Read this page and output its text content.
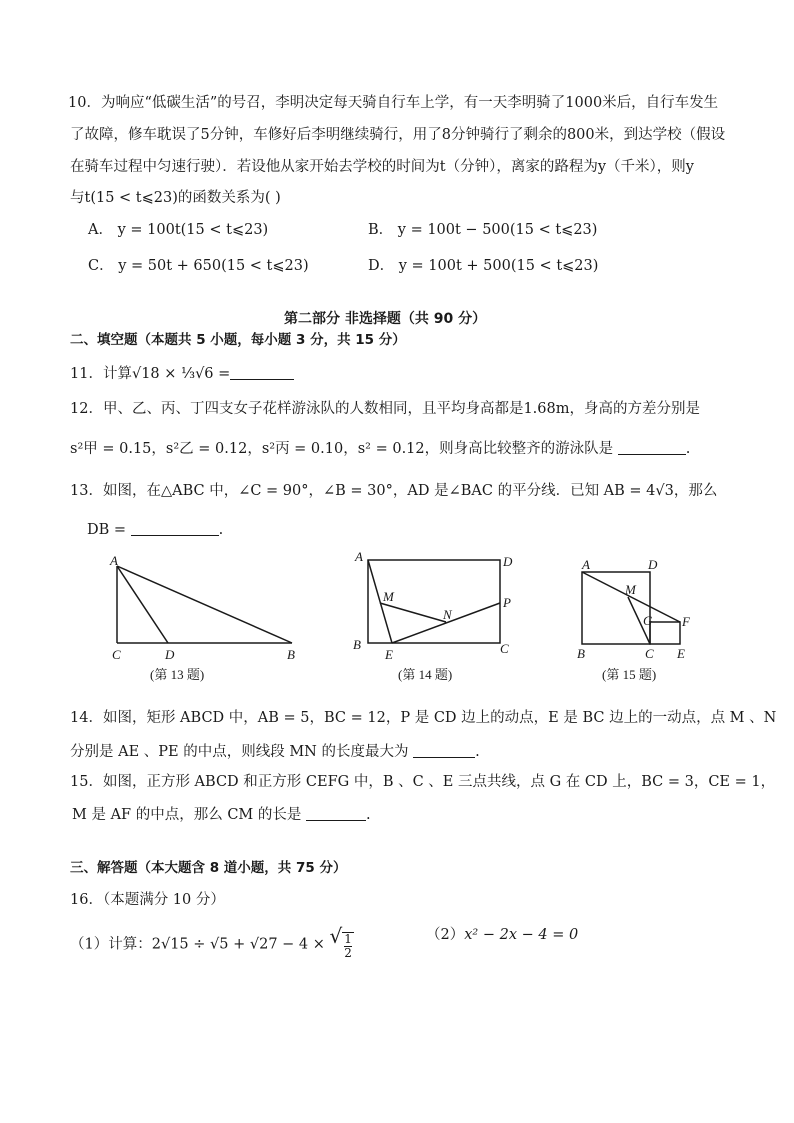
10．为响应“低碳生活”的号召，李明决定每天骑自行车上学，有一天李明骑了1000米后，自行车发生
了故障，修车耽误了5分钟，车修好后李明继续骑行，用了8分钟骑行了剩余的800米，到达学校（假设
在骑车过程中匀速行驶）．若设他从家开始去学校的时间为t（分钟），离家的路程为y（千米），则y
与t(15 < t⩽23)的函数关系为( )
A． y = 100t(15 < t⩽23)	B． y = 100t − 500(15 < t⩽23)
C． y = 50t + 650(15 < t⩽23)	D． y = 100t + 500(15 < t⩽23)
第二部分 非选择题（共 90 分）
二、填空题（本题共 5 小题，每小题 3 分，共 15 分）
11．计算√18 × ⅓√6 =
12．甲、乙、丙、丁四支女子花样游泳队的人数相同，且平均身高都是1.68m，身高的方差分别是
s²甲 = 0.15，s²乙 = 0.12，s²丙 = 0.10，s² = 0.12，则身高比较整齐的游泳队是	.
13．如图，在△ABC 中，∠C = 90°，∠B = 30°，AD 是∠BAC 的平分线．已知 AB = 4√3，那么
DB =	.
A
C	D	B
A	D
M
N
P
B
E	C
A	D
M
G F
B	C E
(第 13 题)	(第 14 题)	(第 15 题)
14．如图，矩形 ABCD 中，AB = 5，BC = 12，P 是 CD 边上的动点，E 是 BC 边上的一动点，点 M 、N
分别是 AE 、PE 的中点，则线段 MN 的长度最大为	.
15．如图，正方形 ABCD 和正方形 CEFG 中，B 、C 、E 三点共线，点 G 在 CD 上，BC = 3，CE = 1，
M 是 AF 的中点，那么 CM 的长是	.
三、解答题（本大题含 8 道小题，共 75 分）
16．（本题满分 10 分）
（1）计算：2√15 ÷ √5 + √27 − 4 × √ $\frac{1}{2}$	（2）x² − 2x − 4 = 0
